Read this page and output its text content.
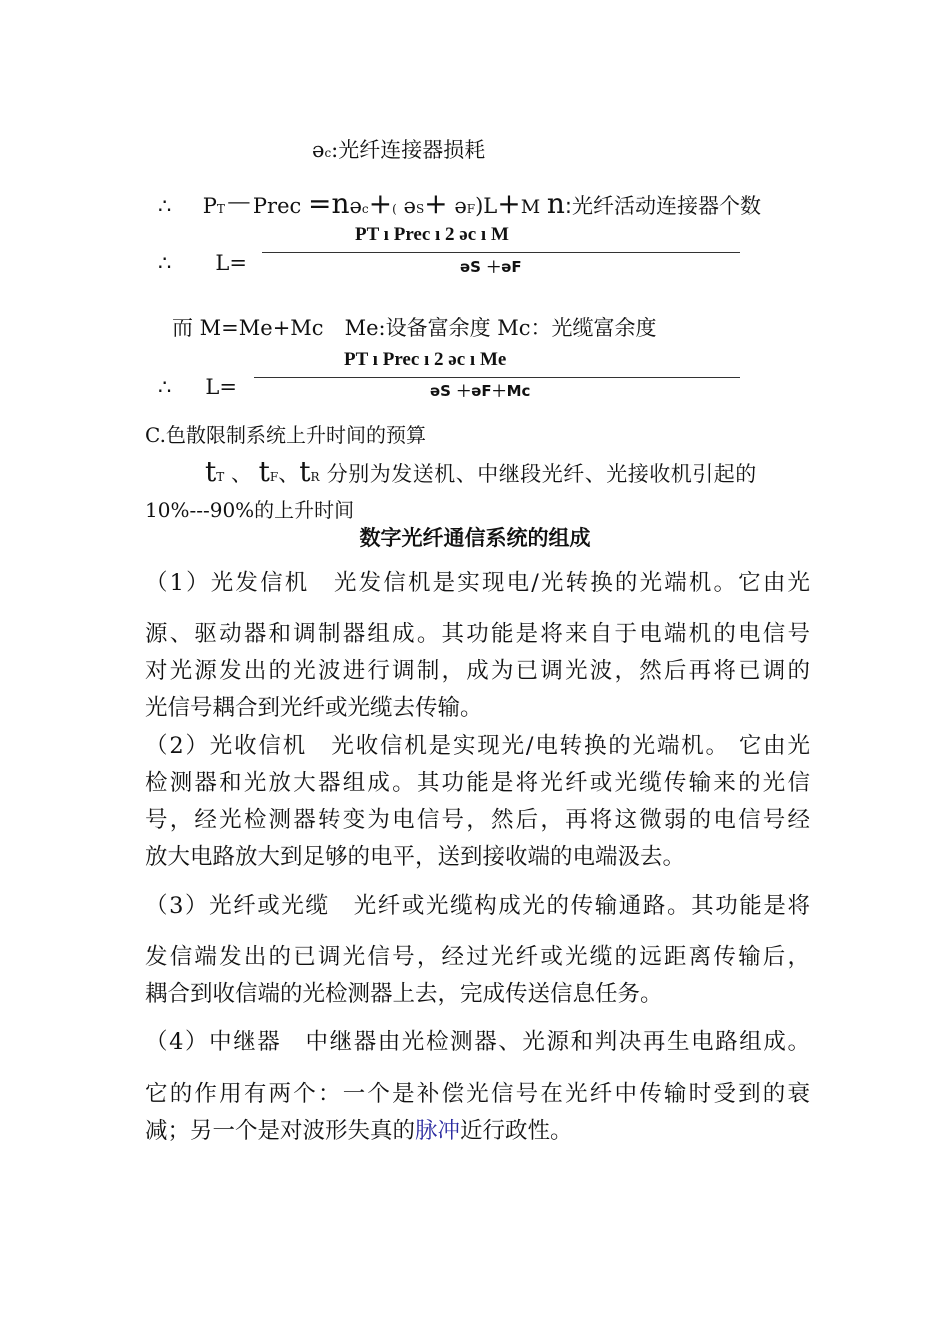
əc:光纤连接器损耗
∴ PT－Prec =nəc+( əS+ əF)L+M n:光纤活动连接器个数
PT ı Prec ı 2 əc ı M
∴ L=	əS ＋əF
而 M=Me+Mc　Me:设备富余度 Mc：光缆富余度
PT ı Prec ı 2 əc ı Me
∴ L=	əS ＋əF＋Mc
C.色散限制系统上升时间的预算
tT 、 tF、tR 分别为发送机、中继段光纤、光接收机引起的
10%---90%的上升时间
数字光纤通信系统的组成
（1）光发信机　光发信机是实现电/光转换的光端机。它由光
源、驱动器和调制器组成。其功能是将来自于电端机的电信号
对光源发出的光波进行调制，成为已调光波，然后再将已调的
光信号耦合到光纤或光缆去传输。
（2）光收信机　光收信机是实现光/电转换的光端机。 它由光
检测器和光放大器组成。其功能是将光纤或光缆传输来的光信
号，经光检测器转变为电信号，然后，再将这微弱的电信号经
放大电路放大到足够的电平，送到接收端的电端汲去。
（3）光纤或光缆　光纤或光缆构成光的传输通路。其功能是将
发信端发出的已调光信号，经过光纤或光缆的远距离传输后，
耦合到收信端的光检测器上去，完成传送信息任务。
（4）中继器　中继器由光检测器、光源和判决再生电路组成。
它的作用有两个：一个是补偿光信号在光纤中传输时受到的衰
减；另一个是对波形失真的脉冲近行政性。
